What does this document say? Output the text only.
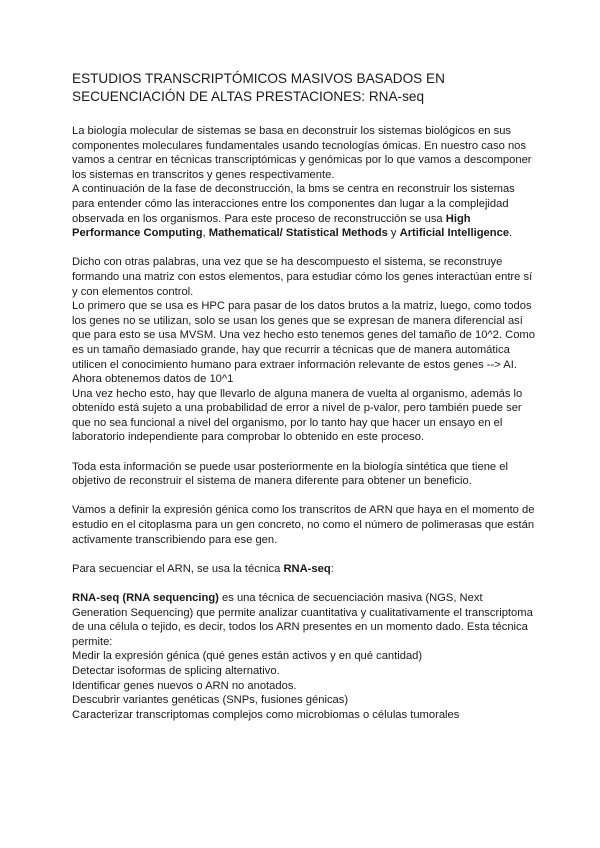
ESTUDIOS TRANSCRIPTÓMICOS MASIVOS BASADOS EN SECUENCIACIÓN DE ALTAS PRESTACIONES: RNA-seq

La biología molecular de sistemas se basa en deconstruir los sistemas biológicos en sus componentes moleculares fundamentales usando tecnologías ómicas. En nuestro caso nos vamos a centrar en técnicas transcriptómicas y genómicas por lo que vamos a descomponer los sistemas en transcritos y genes respectivamente.

A continuación de la fase de deconstrucción, la bms se centra en reconstruir los sistemas para entender cómo las interacciones entre los componentes dan lugar a la complejidad observada en los organismos. Para este proceso de reconstrucción se usa High Performance Computing, Mathematical/ Statistical Methods y Artificial Intelligence.

Dicho con otras palabras, una vez que se ha descompuesto el sistema, se reconstruye formando una matriz con estos elementos, para estudiar cómo los genes interactúan entre sí y con elementos control.

Lo primero que se usa es HPC para pasar de los datos brutos a la matriz, luego, como todos los genes no se utilizan, solo se usan los genes que se expresan de manera diferencial así que para esto se usa MVSM. Una vez hecho esto tenemos genes del tamaño de 10^2. Como es un tamaño demasiado grande, hay que recurrir a técnicas que de manera automática utilicen el conocimiento humano para extraer información relevante de estos genes --> AI. Ahora obtenemos datos de 10^1

Una vez hecho esto, hay que llevarlo de alguna manera de vuelta al organismo, además lo obtenido está sujeto a una probabilidad de error a nivel de p-valor, pero también puede ser que no sea funcional a nivel del organismo, por lo tanto hay que hacer un ensayo en el laboratorio independiente para comprobar lo obtenido en este proceso.

Toda esta información se puede usar posteriormente en la biología sintética que tiene el objetivo de reconstruir el sistema de manera diferente para obtener un beneficio.

Vamos a definir la expresión génica como los transcritos de ARN que haya en el momento de estudio en el citoplasma para un gen concreto, no como el número de polimerasas que están activamente transcribiendo para ese gen.

Para secuenciar el ARN, se usa la técnica RNA-seq:

RNA-seq (RNA sequencing) es una técnica de secuenciación masiva (NGS, Next Generation Sequencing) que permite analizar cuantitativa y cualitativamente el transcriptoma de una célula o tejido, es decir, todos los ARN presentes en un momento dado. Esta técnica permite:

Medir la expresión génica (qué genes están activos y en qué cantidad)

Detectar isoformas de splicing alternativo.

Identificar genes nuevos o ARN no anotados.

Descubrir variantes genéticas (SNPs, fusiones génicas)

Caracterizar transcriptomas complejos como microbiomas o células tumorales
